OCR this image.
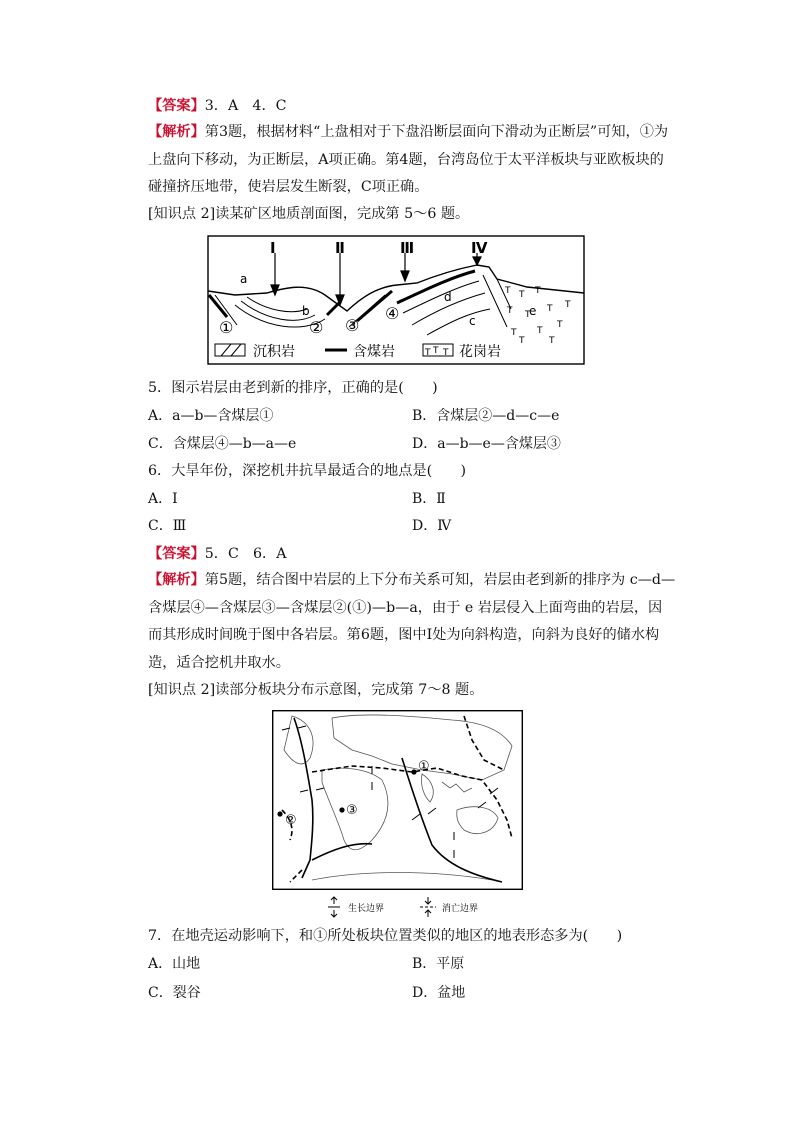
【答案】3．A　4．C
【解析】第3题，根据材料“上盘相对于下盘沿断层面向下滑动为正断层”可知，①为上盘向下移动，为正断层，A项正确。第4题，台湾岛位于太平洋板块与亚欧板块的碰撞挤压地带，使岩层发生断裂，C项正确。
[知识点 2]读某矿区地质剖面图，完成第 5～6 题。
Ⅰ	Ⅱ	Ⅲ	Ⅳ
a
b
d
c
e
T T T
T T
T
T T
T
T	T
T
①	② ③
④
沉积岩	含煤岩	T T T 花岗岩
5．图示岩层由老到新的排序，正确的是(　　)
A．a—b—含煤层①	B．含煤层②—d—c—e
C．含煤层④—b—a—e	D．a—b—e—含煤层③
6．大旱年份，深挖机井抗旱最适合的地点是(　　)
A．Ⅰ	B．Ⅱ
C．Ⅲ	D．Ⅳ
【答案】5．C　6．A
【解析】第5题，结合图中岩层的上下分布关系可知，岩层由老到新的排序为 c—d—含煤层④—含煤层③—含煤层②(①)—b—a，由于 e 岩层侵入上面弯曲的岩层，因而其形成时间晚于图中各岩层。第6题，图中Ⅰ处为向斜构造，向斜为良好的储水构造，适合挖机井取水。
[知识点 2]读部分板块分布示意图，完成第 7～8 题。
①
②
③
生长边界	消亡边界
7．在地壳运动影响下，和①所处板块位置类似的地区的地表形态多为(　　)
A．山地	B．平原
C．裂谷	D．盆地
